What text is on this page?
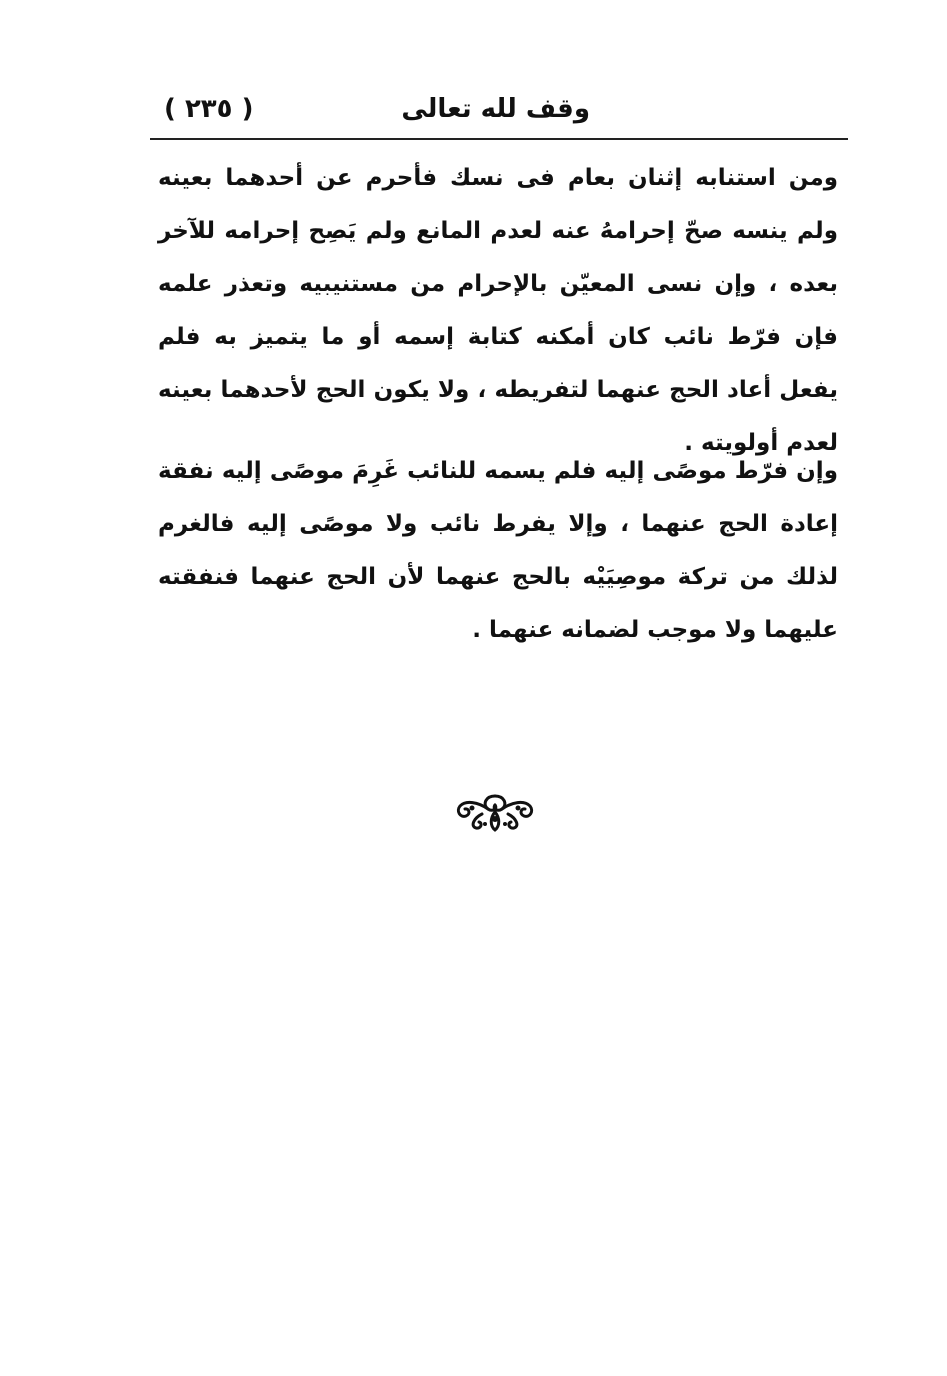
وقف لله تعالى
( ٢٣٥ )

ومن استنابه إثنان بعام فى نسك فأحرم عن أحدهما بعينه ولم ينسه صحّ إحرامهُ عنه لعدم المانع ولم يَصِح إحرامه للآخر بعده ، وإن نسى المعيّن بالإحرام من مستنيبيه وتعذر علمه فإن فرّط نائب كان أمكنه كتابة إسمه أو ما يتميز به فلم يفعل أعاد الحج عنهما لتفريطه ، ولا يكون الحج لأحدهما بعينه لعدم أولويته .

وإن فرّط موصًى إليه فلم يسمه للنائب غَرِمَ موصًى إليه نفقة إعادة الحج عنهما ، وإلا يفرط نائب ولا موصًى إليه فالغرم لذلك من تركة موصِيَيْه بالحج عنهما لأن الحج عنهما فنفقته عليهما ولا موجب لضمانه عنهما .
